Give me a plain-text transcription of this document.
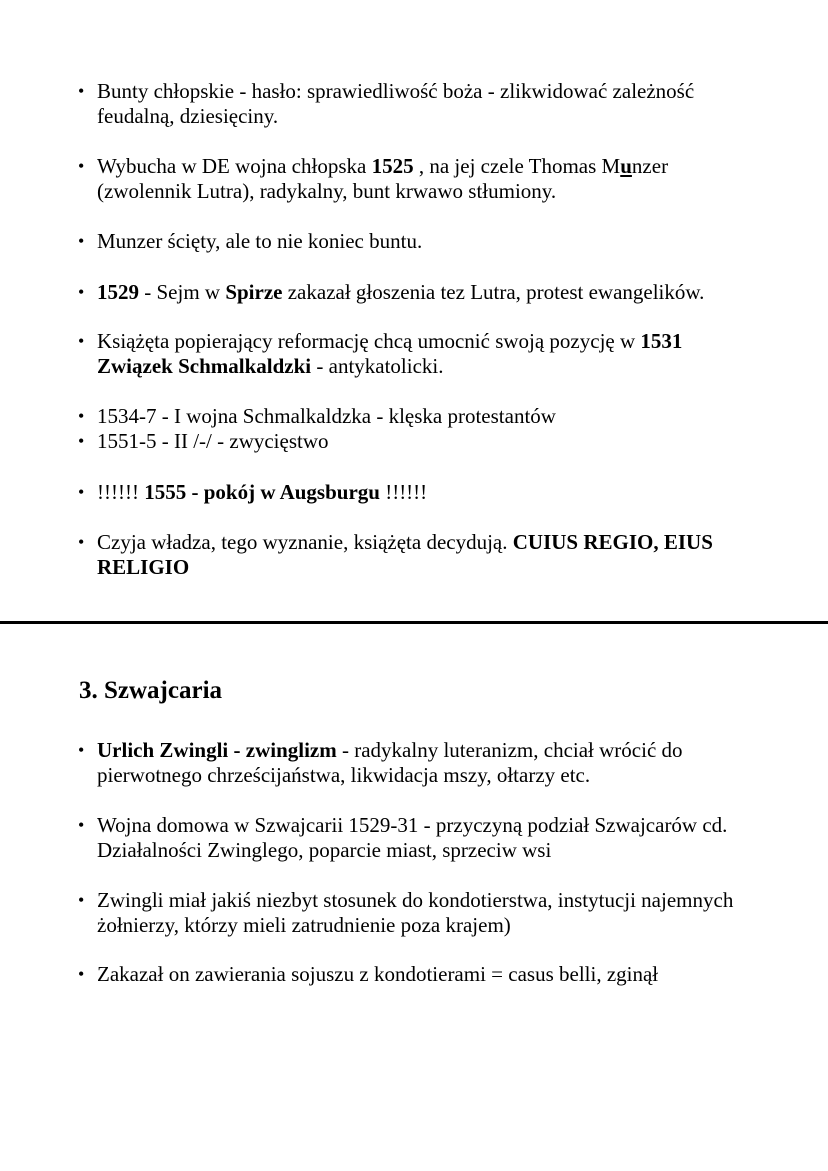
• Bunty chłopskie - hasło: sprawiedliwość boża - zlikwidować zależność feudalną, dziesięciny.
• Wybucha w DE wojna chłopska 1525 , na jej czele Thomas Munzer (zwolennik Lutra), radykalny, bunt krwawo stłumiony.
• Munzer ścięty, ale to nie koniec buntu.
• 1529 - Sejm w Spirze zakazał głoszenia tez Lutra, protest ewangelików.
• Książęta popierający reformację chcą umocnić swoją pozycję w 1531 Związek Schmalkaldzki - antykatolicki.
• 1534-7 - I wojna Schmalkaldzka - klęska protestantów
• 1551-5 - II /-/ - zwycięstwo
• !!!!!! 1555 - pokój w Augsburgu !!!!!!
• Czyja władza, tego wyznanie, książęta decydują. CUIUS REGIO, EIUS RELIGIO
3. Szwajcaria
• Urlich Zwingli - zwinglizm - radykalny luteranizm, chciał wrócić do pierwotnego chrześcijaństwa, likwidacja mszy, ołtarzy etc.
• Wojna domowa w Szwajcarii 1529-31 - przyczyną podział Szwajcarów cd. Działalności Zwinglego, poparcie miast, sprzeciw wsi
• Zwingli miał jakiś niezbyt stosunek do kondotierstwa, instytucji najemnych żołnierzy, którzy mieli zatrudnienie poza krajem)
• Zakazał on zawierania sojuszu z kondotierami = casus belli, zginął
